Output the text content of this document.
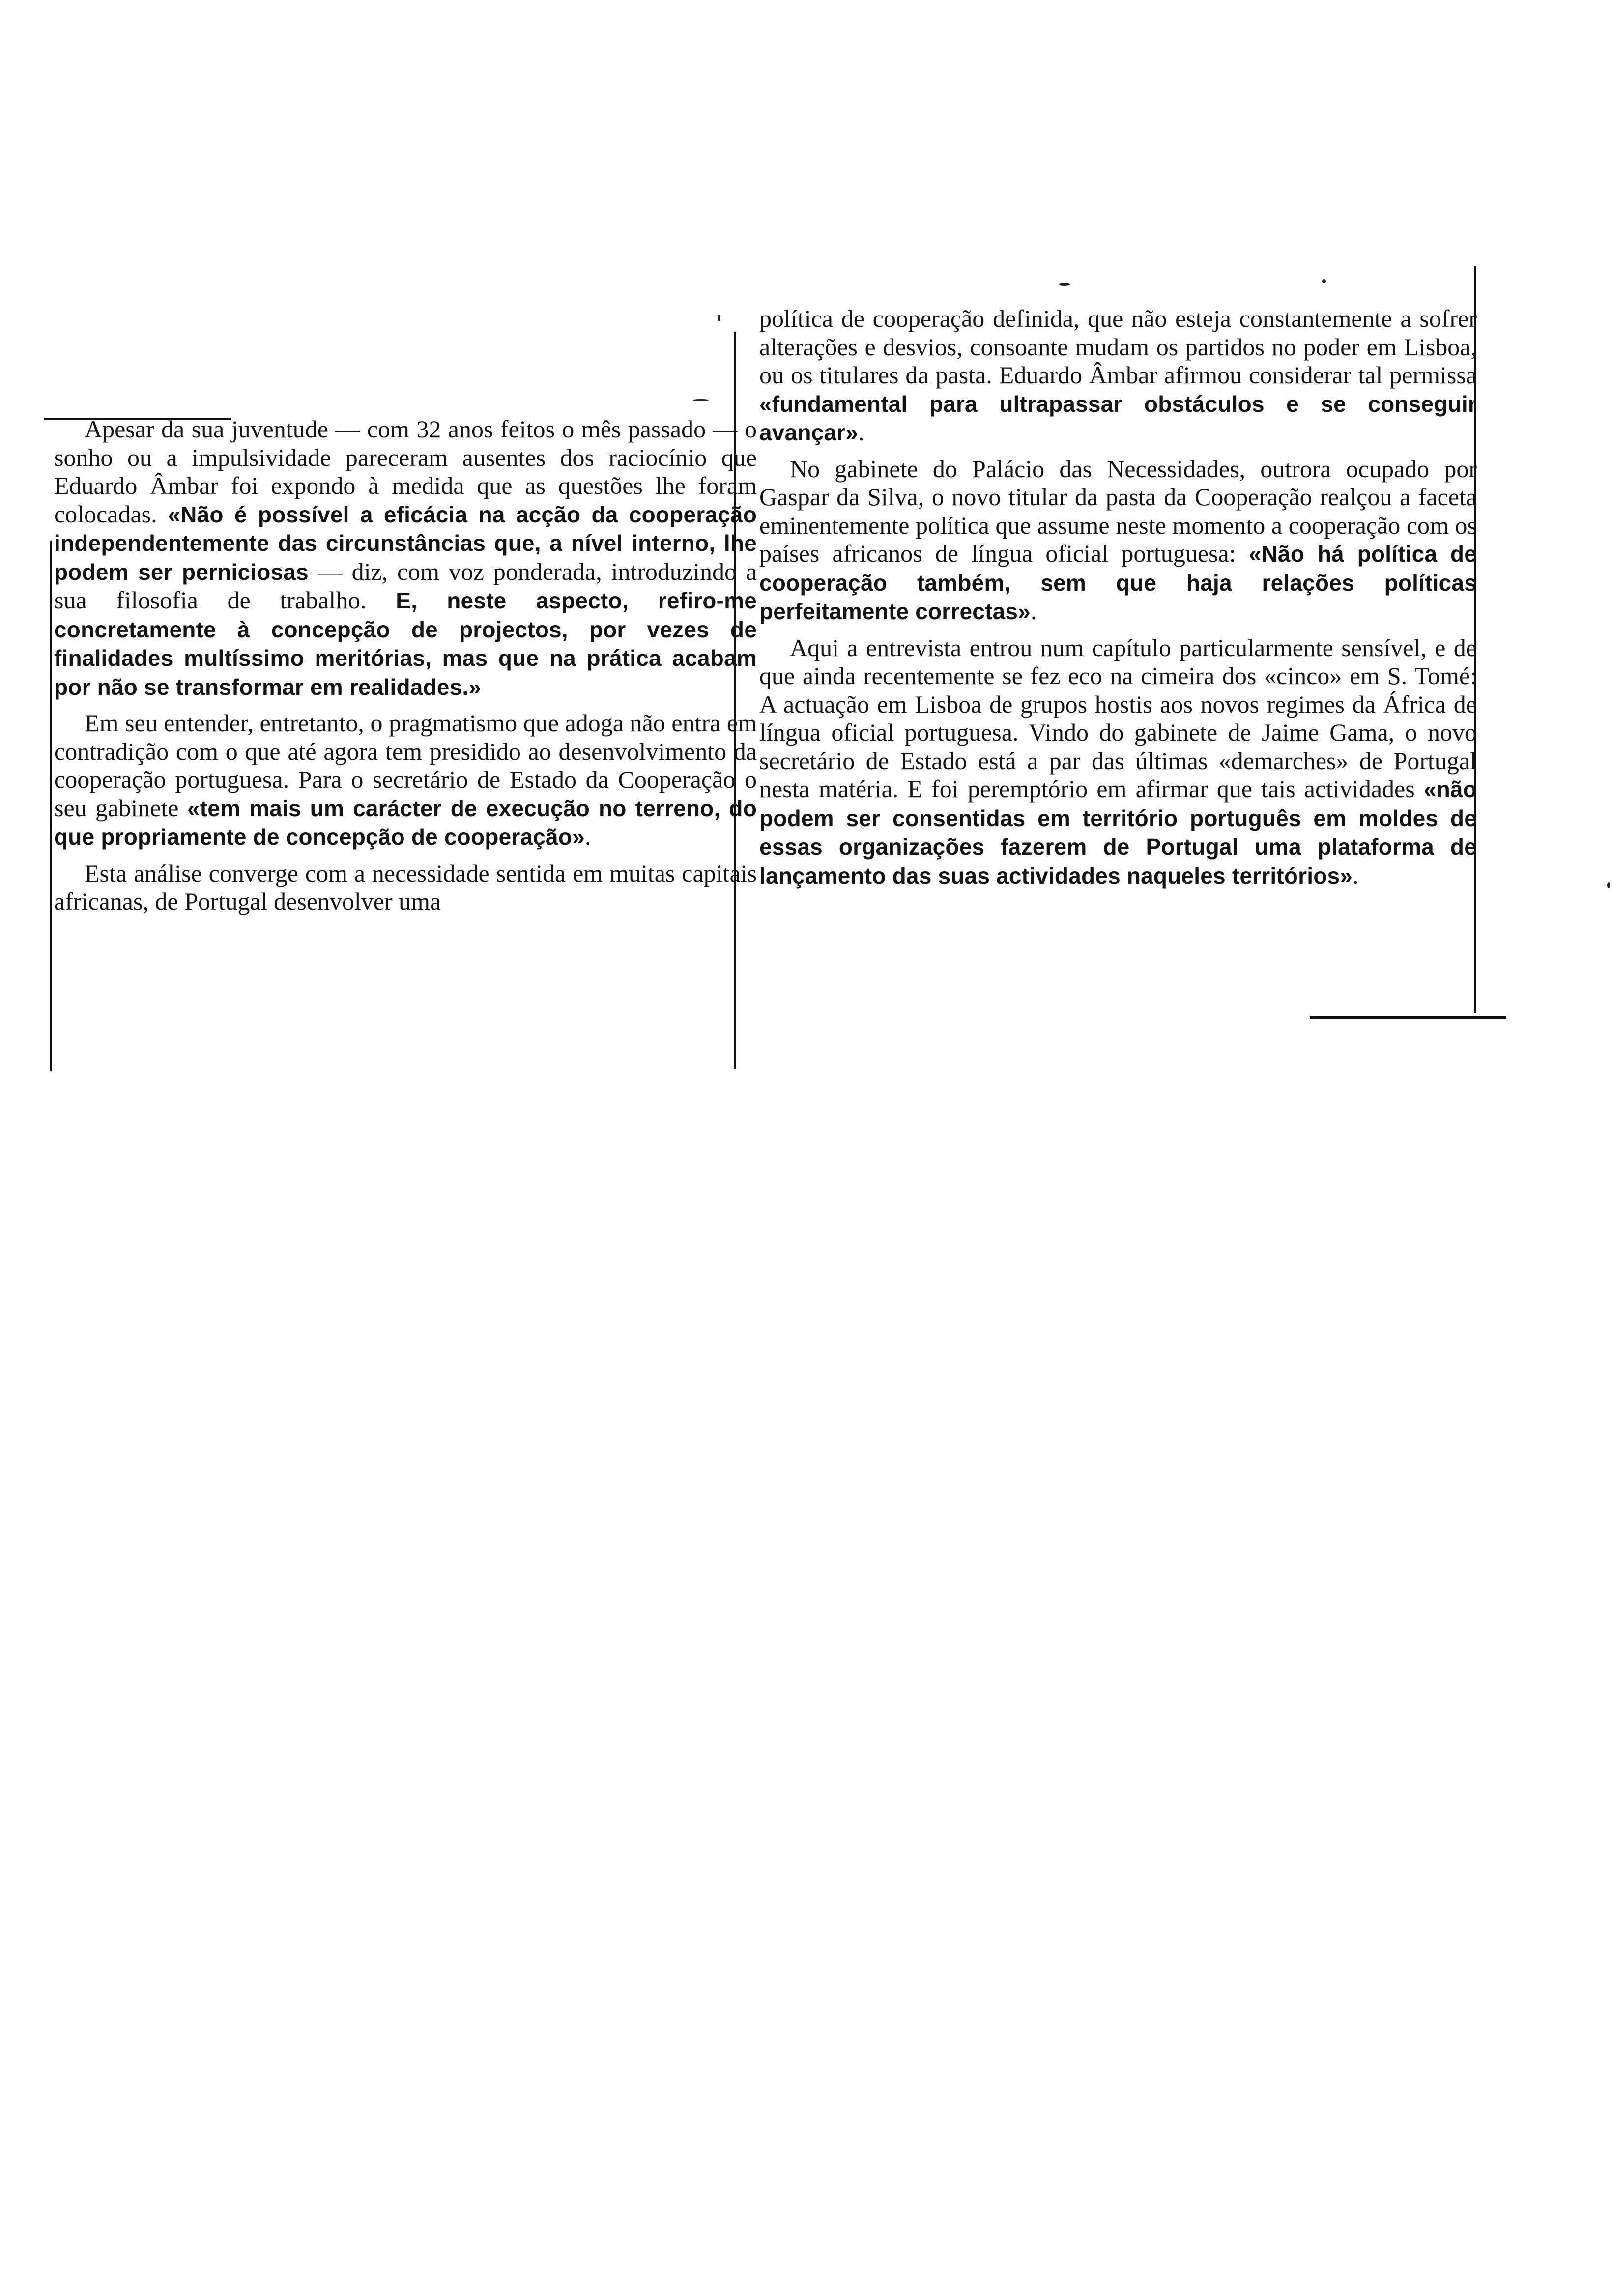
Apesar da sua juventude — com 32 anos feitos o mês passado — o sonho ou a impulsividade pareceram ausentes dos raciocínio que Eduardo Âmbar foi expondo à medida que as questões lhe foram colocadas. «Não é possível a eficácia na acção da cooperação independentemente das circunstâncias que, a nível interno, lhe podem ser perniciosas — diz, com voz ponderada, introduzindo a sua filosofia de trabalho. E, neste aspecto, refiro-me concretamente à concepção de projectos, por vezes de finalidades multíssimo meritórias, mas que na prática acabam por não se transformar em realidades.»

Em seu entender, entretanto, o pragmatismo que adoga não entra em contradição com o que até agora tem presidido ao desenvolvimento da cooperação portuguesa. Para o secretário de Estado da Cooperação o seu gabinete «tem mais um carácter de execução no terreno, do que propriamente de concepção de cooperação».

Esta análise converge com a necessidade sentida em muitas capitais africanas, de Portugal desenvolver uma

política de cooperação definida, que não esteja constantemente a sofrer alterações e desvios, consoante mudam os partidos no poder em Lisboa, ou os titulares da pasta. Eduardo Âmbar afirmou considerar tal permissa «fundamental para ultrapassar obstáculos e se conseguir avançar».

No gabinete do Palácio das Necessidades, outrora ocupado por Gaspar da Silva, o novo titular da pasta da Cooperação realçou a faceta eminentemente política que assume neste momento a cooperação com os países africanos de língua oficial portuguesa: «Não há política de cooperação também, sem que haja relações políticas perfeitamente correctas».

Aqui a entrevista entrou num capítulo particularmente sensível, e de que ainda recentemente se fez eco na cimeira dos «cinco» em S. Tomé: A actuação em Lisboa de grupos hostis aos novos regimes da África de língua oficial portuguesa. Vindo do gabinete de Jaime Gama, o novo secretário de Estado está a par das últimas «demarches» de Portugal nesta matéria. E foi peremptório em afirmar que tais actividades «não podem ser consentidas em território português em moldes de essas organizações fazerem de Portugal uma plataforma de lançamento das suas actividades naqueles territórios».
